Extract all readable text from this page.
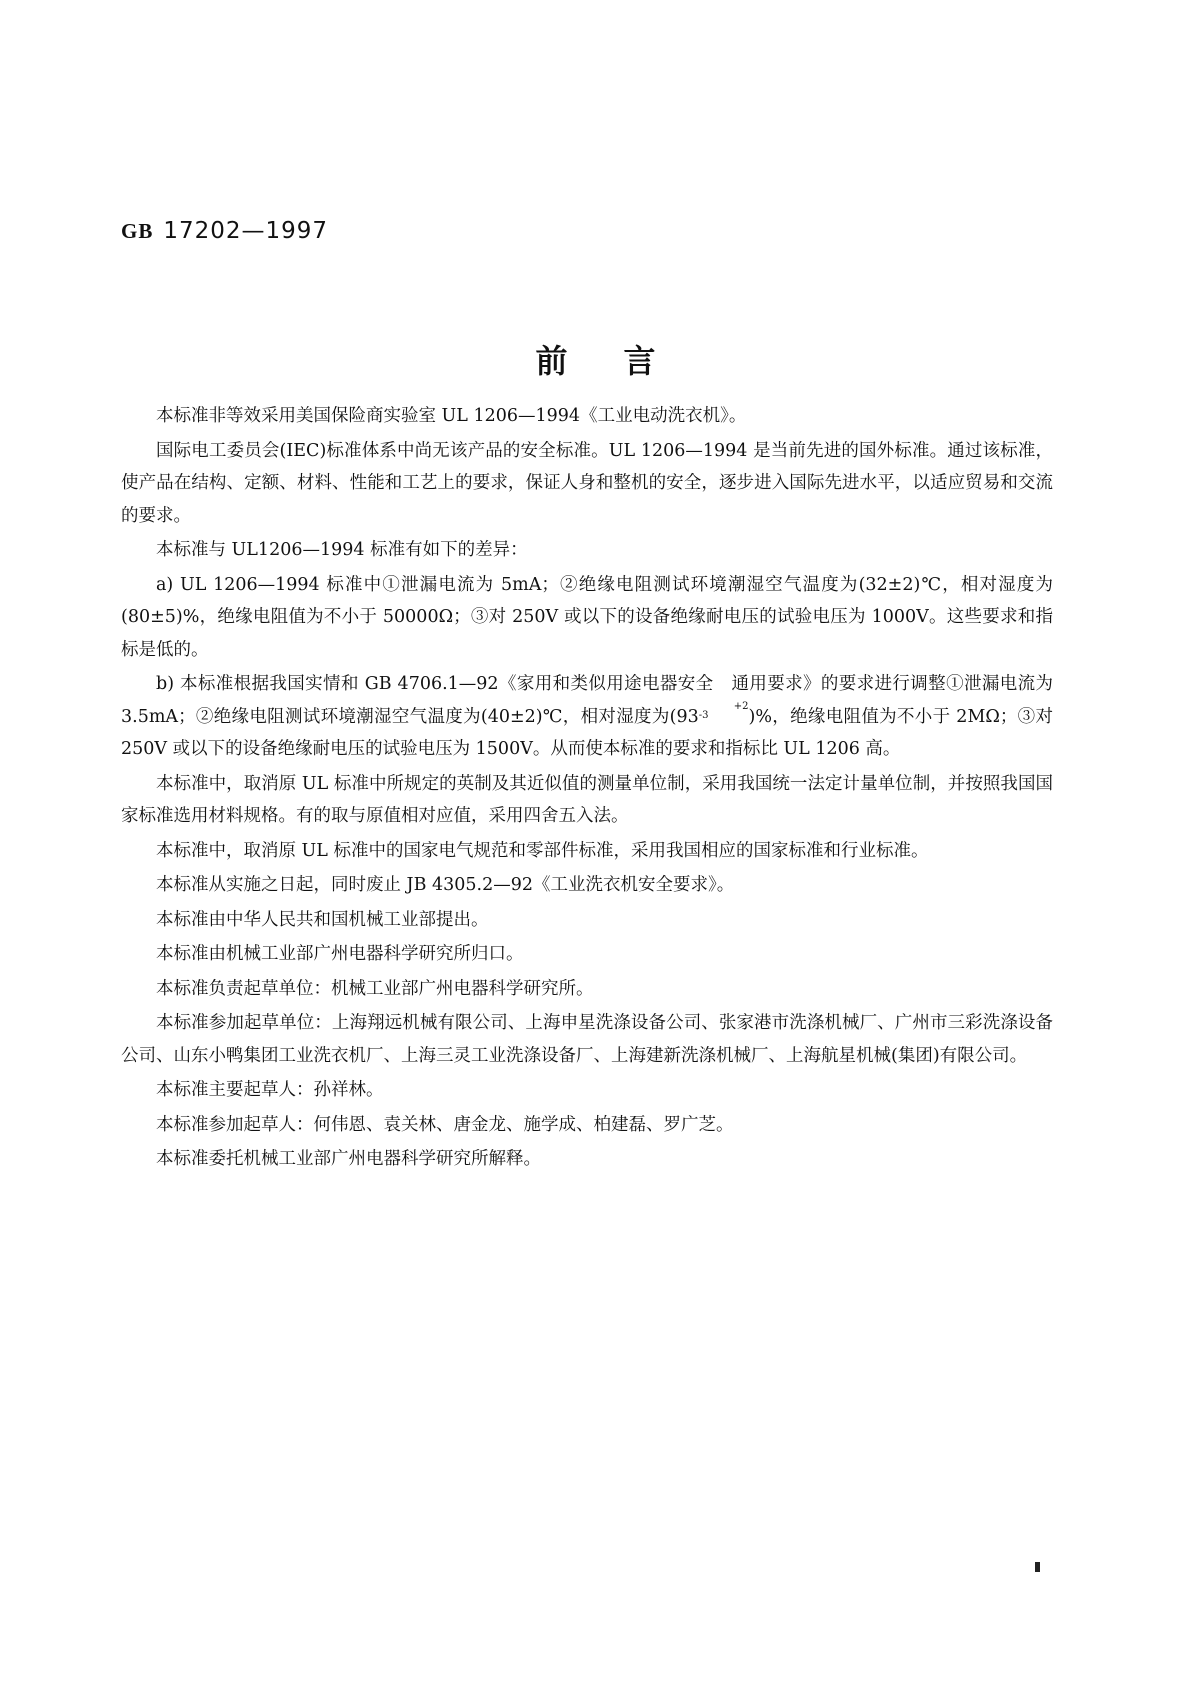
GB 17202—1997
前言

本标准非等效采用美国保险商实验室 UL 1206—1994《工业电动洗衣机》。

国际电工委员会(IEC)标准体系中尚无该产品的安全标准。UL 1206—1994 是当前先进的国外标准。通过该标准，使产品在结构、定额、材料、性能和工艺上的要求，保证人身和整机的安全，逐步进入国际先进水平，以适应贸易和交流的要求。

本标准与 UL1206—1994 标准有如下的差异：

a) UL 1206—1994 标准中①泄漏电流为 5mA；②绝缘电阻测试环境潮湿空气温度为(32±2)℃，相对湿度为(80±5)%，绝缘电阻值为不小于 50000Ω；③对 250V 或以下的设备绝缘耐电压的试验电压为 1000V。这些要求和指标是低的。

b) 本标准根据我国实情和 GB 4706.1—92《家用和类似用途电器安全　通用要求》的要求进行调整①泄漏电流为 3.5mA；②绝缘电阻测试环境潮湿空气温度为(40±2)℃，相对湿度为(93+2
-3 )%，绝缘电阻值为不小于 2MΩ；③对 250V 或以下的设备绝缘耐电压的试验电压为 1500V。从而使本标准的要求和指标比 UL 1206 高。

本标准中，取消原 UL 标准中所规定的英制及其近似值的测量单位制，采用我国统一法定计量单位制，并按照我国国家标准选用材料规格。有的取与原值相对应值，采用四舍五入法。

本标准中，取消原 UL 标准中的国家电气规范和零部件标准，采用我国相应的国家标准和行业标准。

本标准从实施之日起，同时废止 JB 4305.2—92《工业洗衣机安全要求》。

本标准由中华人民共和国机械工业部提出。

本标准由机械工业部广州电器科学研究所归口。

本标准负责起草单位：机械工业部广州电器科学研究所。

本标准参加起草单位：上海翔远机械有限公司、上海申星洗涤设备公司、张家港市洗涤机械厂、广州市三彩洗涤设备公司、山东小鸭集团工业洗衣机厂、上海三灵工业洗涤设备厂、上海建新洗涤机械厂、上海航星机械(集团)有限公司。

本标准主要起草人：孙祥林。

本标准参加起草人：何伟恩、袁关林、唐金龙、施学成、柏建磊、罗广芝。

本标准委托机械工业部广州电器科学研究所解释。
